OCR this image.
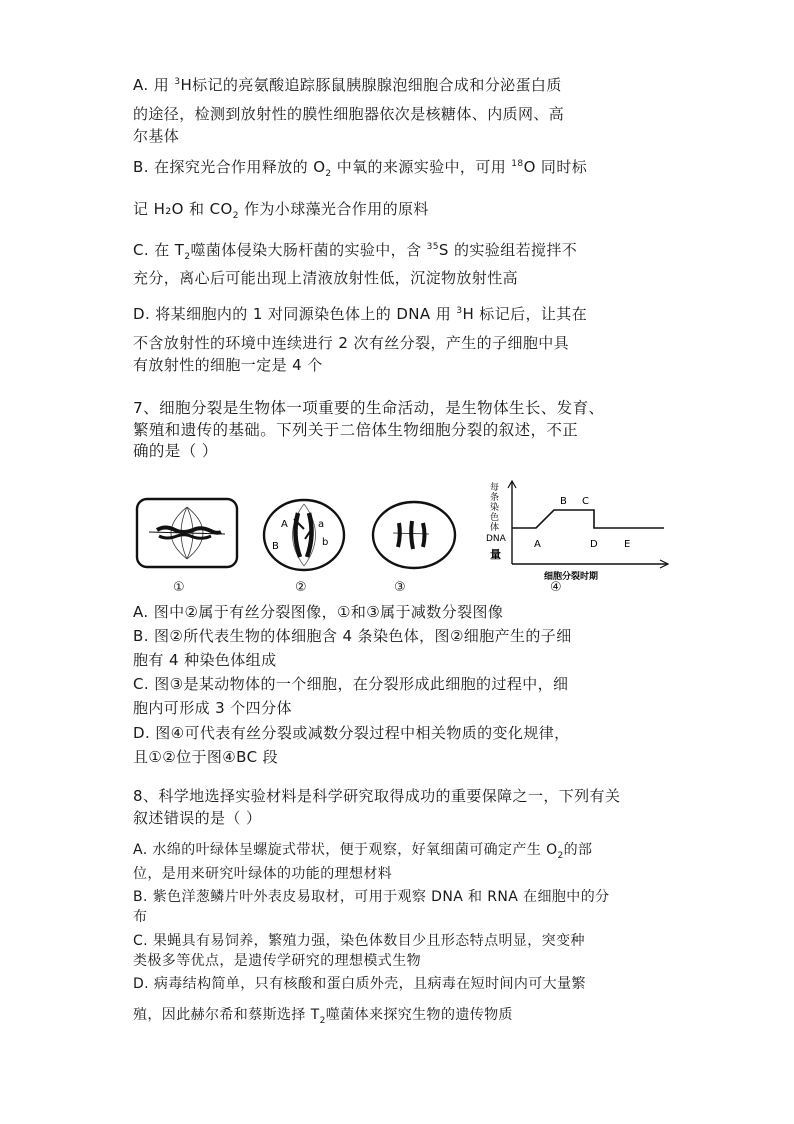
A. 用 $^3$H标记的亮氨酸追踪豚鼠胰腺腺泡细胞合成和分泌蛋白质
的途径，检测到放射性的膜性细胞器依次是核糖体、内质网、高
尔基体
B. 在探究光合作用释放的 $O_2$ 中氧的来源实验中，可用 $^{18}$O 同时标
记 H₂O 和 $CO_2$ 作为小球藻光合作用的原料
C. 在 $T_2$噬菌体侵染大肠杆菌的实验中，含 $^{35}$S 的实验组若搅拌不
充分，离心后可能出现上清液放射性低，沉淀物放射性高
D. 将某细胞内的 1 对同源染色体上的 DNA 用 $^3$H 标记后，让其在
不含放射性的环境中连续进行 2 次有丝分裂，产生的子细胞中具
有放射性的细胞一定是 4 个
7、细胞分裂是生物体一项重要的生命活动，是生物体生长、发育、
繁殖和遗传的基础。下列关于二倍体生物细胞分裂的叙述，不正
确的是（ ）
①
A
B
a
b
②	③
每
条
染
色
体
DNA
量
A
B C
D	E
细胞分裂时期
④
A. 图中②属于有丝分裂图像，①和③属于减数分裂图像
B. 图②所代表生物的体细胞含 4 条染色体，图②细胞产生的子细
胞有 4 种染色体组成
C. 图③是某动物体的一个细胞，在分裂形成此细胞的过程中，细
胞内可形成 3 个四分体
D. 图④可代表有丝分裂或减数分裂过程中相关物质的变化规律，
且①②位于图④BC 段
8、科学地选择实验材料是科学研究取得成功的重要保障之一，下列有关
叙述错误的是（ ）
A. 水绵的叶绿体呈螺旋式带状，便于观察，好氧细菌可确定产生 $O_2$的部
位，是用来研究叶绿体的功能的理想材料
B. 紫色洋葱鳞片叶外表皮易取材，可用于观察 DNA 和 RNA 在细胞中的分
布
C. 果蝇具有易饲养，繁殖力强，染色体数目少且形态特点明显，突变种
类极多等优点，是遗传学研究的理想模式生物
D. 病毒结构简单，只有核酸和蛋白质外壳，且病毒在短时间内可大量繁
殖，因此赫尔希和蔡斯选择 $T_2$噬菌体来探究生物的遗传物质
